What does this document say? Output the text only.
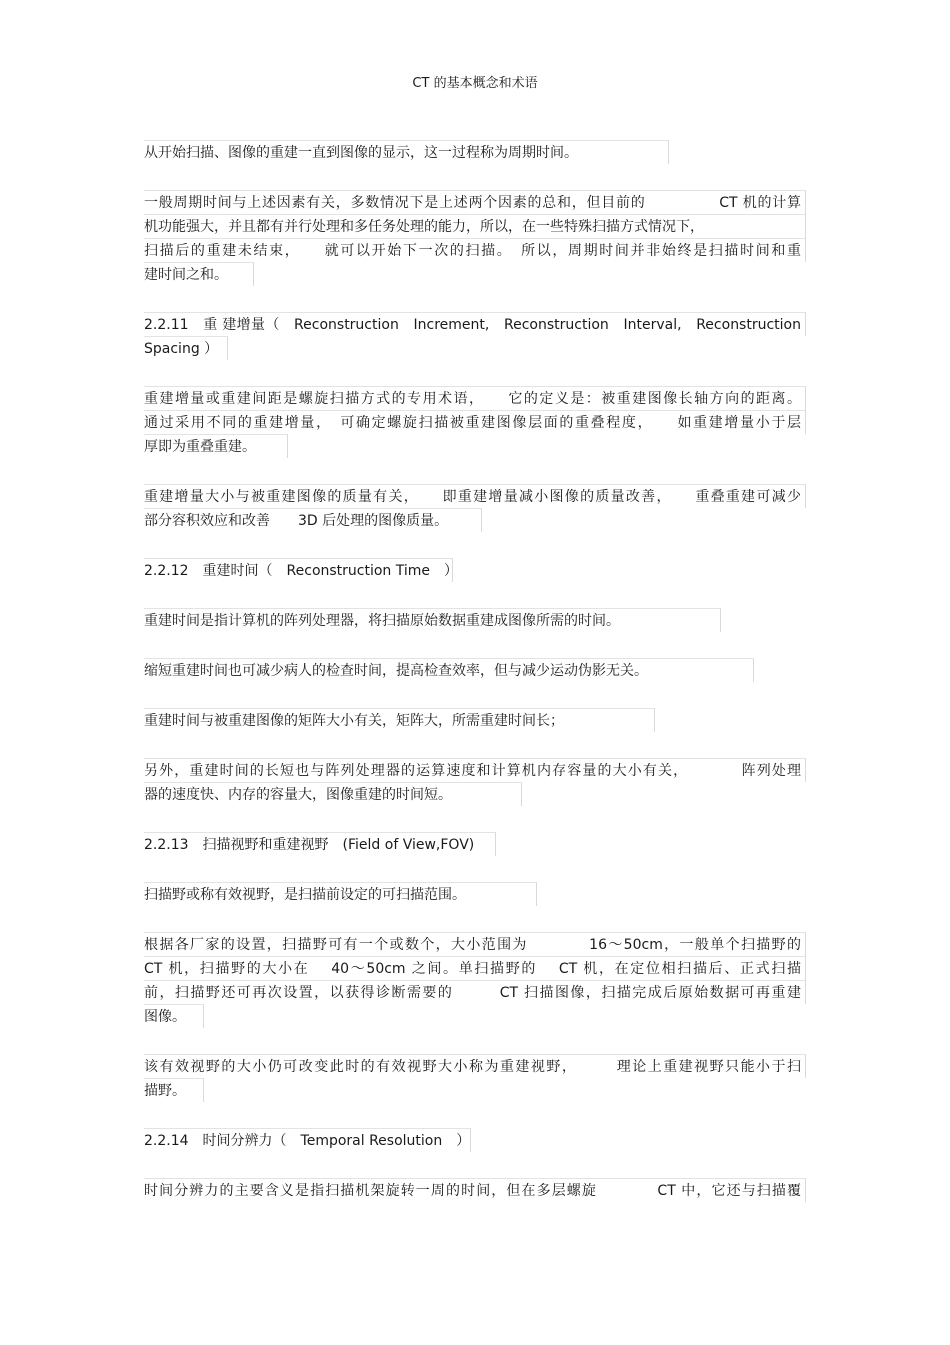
CT 的基本概念和术语
从开始扫描、图像的重建一直到图像的显示，这一过程称为周期时间。
一般周期时间与上述因素有关，多数情况下是上述两个因素的总和，但目前的　　　　　CT 机的计算
机功能强大，并且都有并行处理和多任务处理的能力，所以，在一些特殊扫描方式情况下，
扫描后的重建未结束，　　就可以开始下一次的扫描。　所以，周期时间并非始终是扫描时间和重
建时间之和。
2.2.11　重 建增量（　Reconstruction　Increment,　Reconstruction　Interval,　Reconstruction
Spacing ）
重建增量或重建间距是螺旋扫描方式的专用术语，　　它的定义是：被重建图像长轴方向的距离。
通过采用不同的重建增量，　可确定螺旋扫描被重建图像层面的重叠程度，　　如重建增量小于层
厚即为重叠重建。
重建增量大小与被重建图像的质量有关，　　即重建增量减小图像的质量改善，　　重叠重建可减少
部分容积效应和改善　　3D 后处理的图像质量。
2.2.12　重建时间（　Reconstruction Time　）
重建时间是指计算机的阵列处理器，将扫描原始数据重建成图像所需的时间。
缩短重建时间也可减少病人的检查时间，提高检查效率，但与减少运动伪影无关。
重建时间与被重建图像的矩阵大小有关，矩阵大，所需重建时间长；
另外，重建时间的长短也与阵列处理器的运算速度和计算机内存容量的大小有关，　　　　阵列处理
器的速度快、内存的容量大，图像重建的时间短。
2.2.13　扫描视野和重建视野　(Field of View,FOV)
扫描野或称有效视野，是扫描前设定的可扫描范围。
根据各厂家的设置，扫描野可有一个或数个，大小范围为　　　　16～50cm，一般单个扫描野的
CT 机，扫描野的大小在　 40～50cm 之间。单扫描野的　 CT 机，在定位相扫描后、正式扫描
前，扫描野还可再次设置，以获得诊断需要的　　　CT 扫描图像，扫描完成后原始数据可再重建
图像。
该有效视野的大小仍可改变此时的有效视野大小称为重建视野，　　　理论上重建视野只能小于扫
描野。
2.2.14　时间分辨力（　Temporal Resolution　）
时间分辨力的主要含义是指扫描机架旋转一周的时间，但在多层螺旋　　　　CT 中，它还与扫描覆
